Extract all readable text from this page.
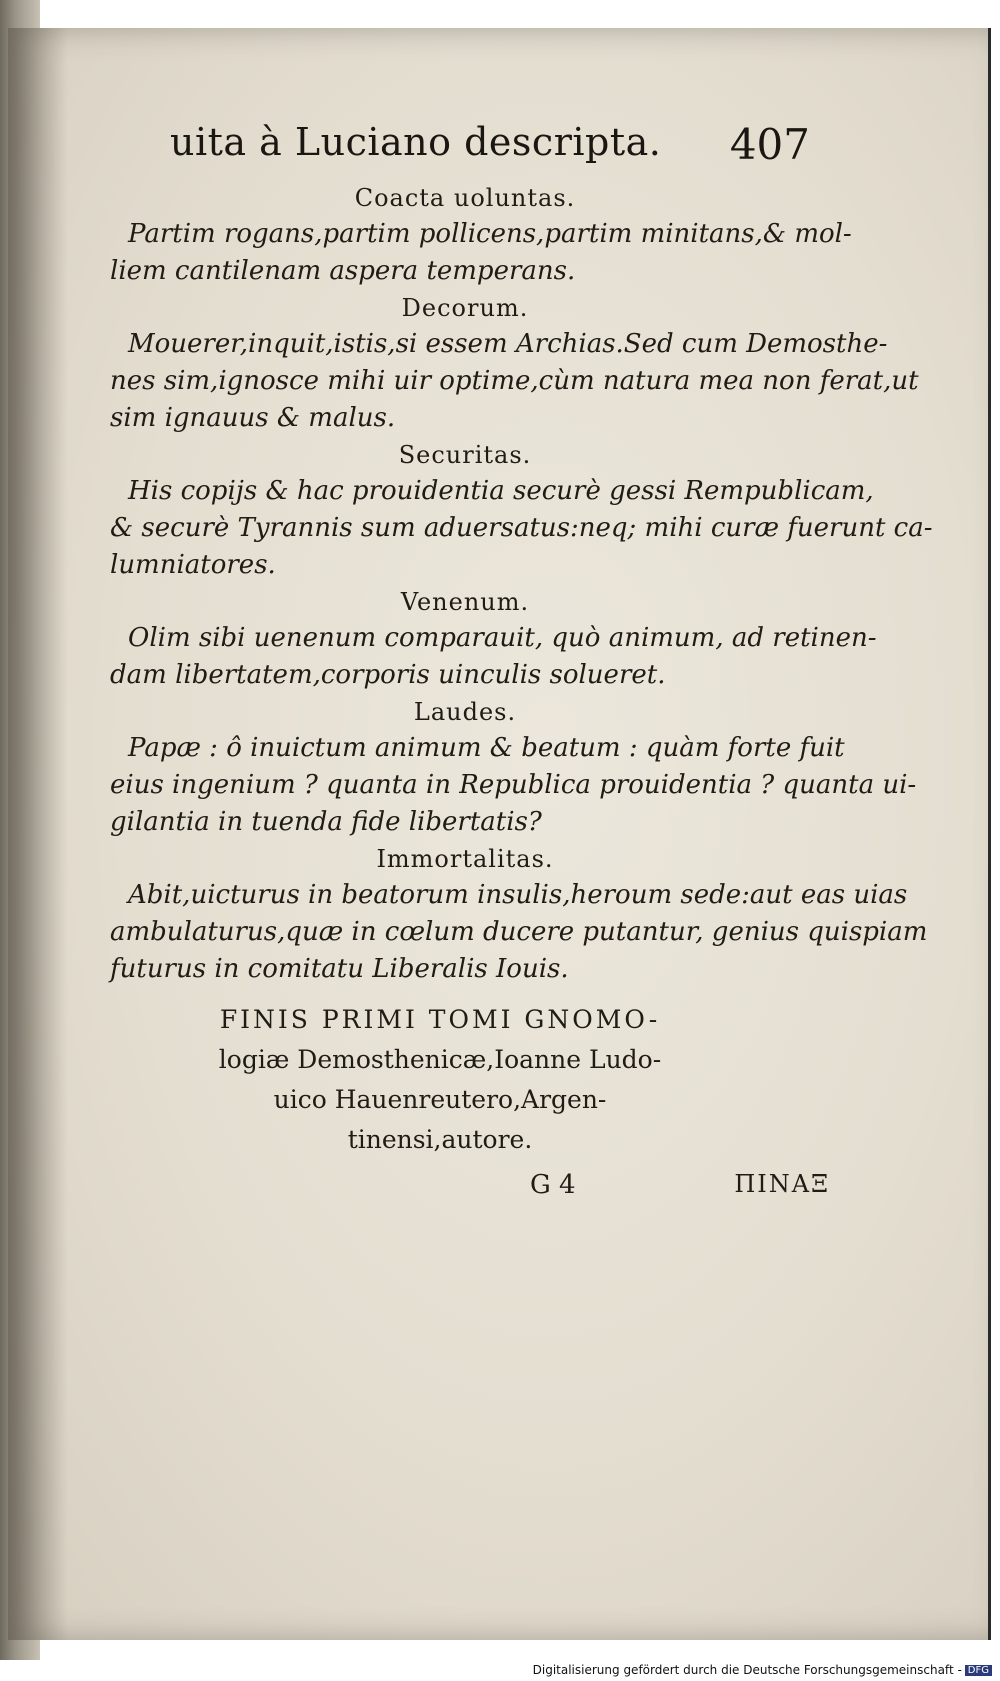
uita à Luciano descripta. 407
Coacta uoluntas.
Partim rogans,partim pollicens,partim minitans,& mol-
liem cantilenam aspera temperans.
Decorum.
Mouerer,inquit,istis,si essem Archias.Sed cum Demosthe-
nes sim,ignosce mihi uir optime,cùm natura mea non ferat,ut
sim ignauus & malus.
Securitas.
His copijs & hac prouidentia securè gessi Rempublicam,
& securè Tyrannis sum aduersatus:neq; mihi curæ fuerunt ca-
lumniatores.
Venenum.
Olim sibi uenenum comparauit, quò animum, ad retinen-
dam libertatem,corporis uinculis solueret.
Laudes.
Papæ : ô inuictum animum & beatum : quàm forte fuit
eius ingenium ? quanta in Republica prouidentia ? quanta ui-
gilantia in tuenda fide libertatis?
Immortalitas.
Abit,uicturus in beatorum insulis,heroum sede:aut eas uias
ambulaturus,quæ in cœlum ducere putantur, genius quispiam
futurus in comitatu Liberalis Iouis.
FINIS PRIMI TOMI GNOMO-
logiæ Demosthenicæ,Ioanne Ludo-
uico Hauenreutero,Argen-
tinensi,autore.
G 4	ΠΙΝΑΞ
Digitalisierung gefördert durch die Deutsche Forschungsgemeinschaft - DFG
